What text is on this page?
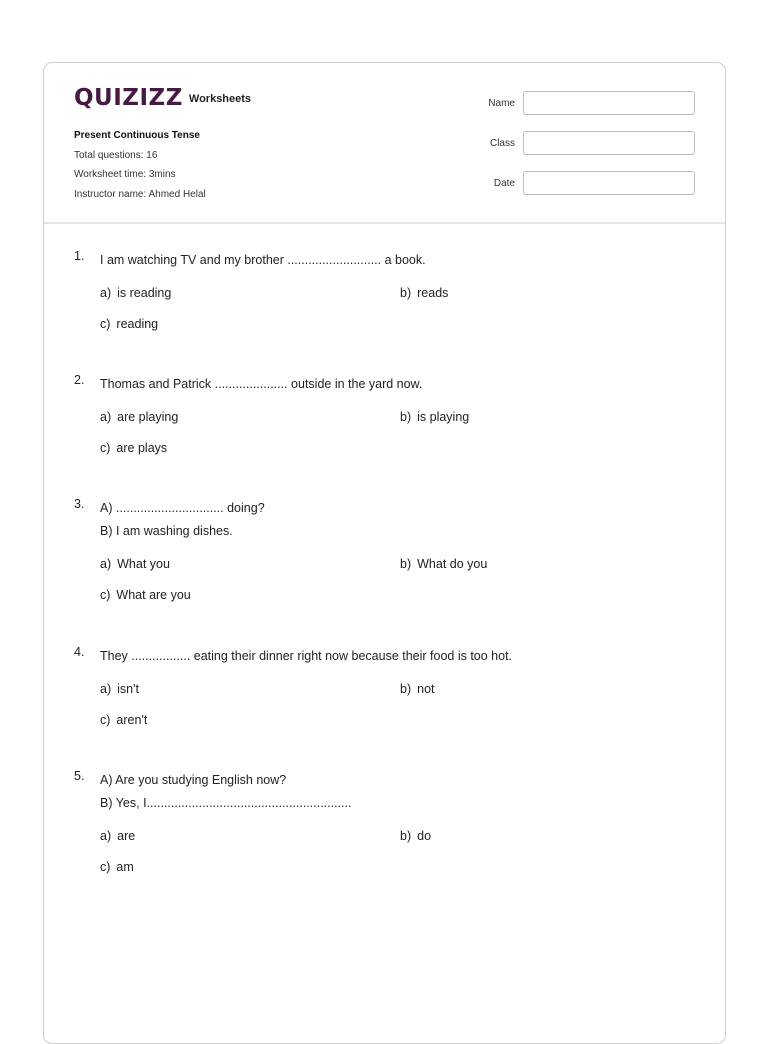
QUIZIZZ Worksheets
Present Continuous Tense
Total questions: 16
Worksheet time: 3mins
Instructor name: Ahmed Helal
Name
Class
Date
1. I am watching TV and my brother ........................... a book.
a) is reading	b) reads
c) reading
2. Thomas and Patrick ..................... outside in the yard now.
a) are playing	b) is playing
c) are plays
3. A) ............................... doing?
B) I am washing dishes.
a) What you	b) What do you
c) What are you
4. They ................. eating their dinner right now because their food is too hot.
a) isn't	b) not
c) aren't
5. A) Are you studying English now?
B) Yes, I...........................................................
a) are	b) do
c) am
